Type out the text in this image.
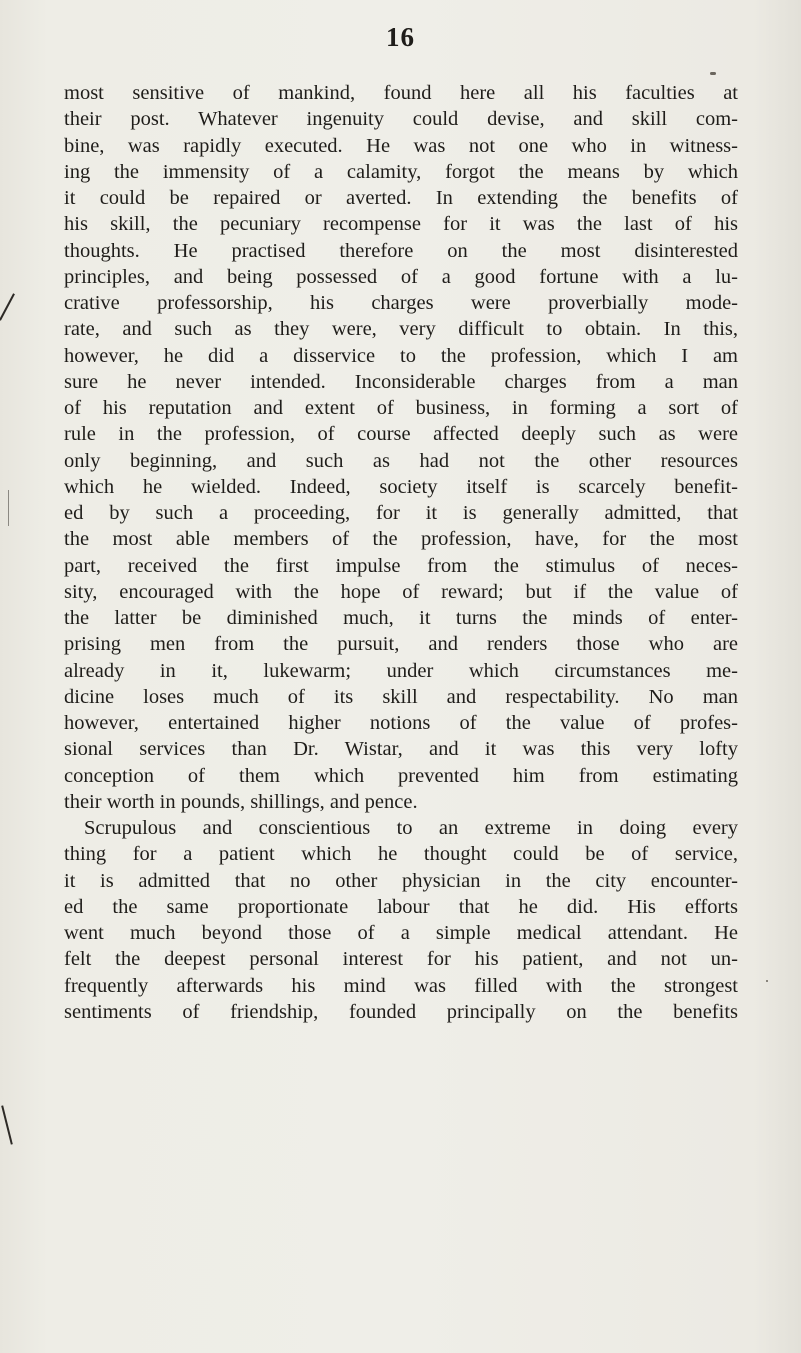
16
most sensitive of mankind, found here all his faculties at
their post. Whatever ingenuity could devise, and skill com-
bine, was rapidly executed. He was not one who in witness-
ing the immensity of a calamity, forgot the means by which
it could be repaired or averted. In extending the benefits of
his skill, the pecuniary recompense for it was the last of his
thoughts. He practised therefore on the most disinterested
principles, and being possessed of a good fortune with a lu-
crative professorship, his charges were proverbially mode-
rate, and such as they were, very difficult to obtain. In this,
however, he did a disservice to the profession, which I am
sure he never intended. Inconsiderable charges from a man
of his reputation and extent of business, in forming a sort of
rule in the profession, of course affected deeply such as were
only beginning, and such as had not the other resources
which he wielded. Indeed, society itself is scarcely benefit-
ed by such a proceeding, for it is generally admitted, that
the most able members of the profession, have, for the most
part, received the first impulse from the stimulus of neces-
sity, encouraged with the hope of reward; but if the value of
the latter be diminished much, it turns the minds of enter-
prising men from the pursuit, and renders those who are
already in it, lukewarm; under which circumstances me-
dicine loses much of its skill and respectability. No man
however, entertained higher notions of the value of profes-
sional services than Dr. Wistar, and it was this very lofty
conception of them which prevented him from estimating
their worth in pounds, shillings, and pence.
Scrupulous and conscientious to an extreme in doing every
thing for a patient which he thought could be of service,
it is admitted that no other physician in the city encounter-
ed the same proportionate labour that he did. His efforts
went much beyond those of a simple medical attendant. He
felt the deepest personal interest for his patient, and not un-
frequently afterwards his mind was filled with the strongest
sentiments of friendship, founded principally on the benefits
